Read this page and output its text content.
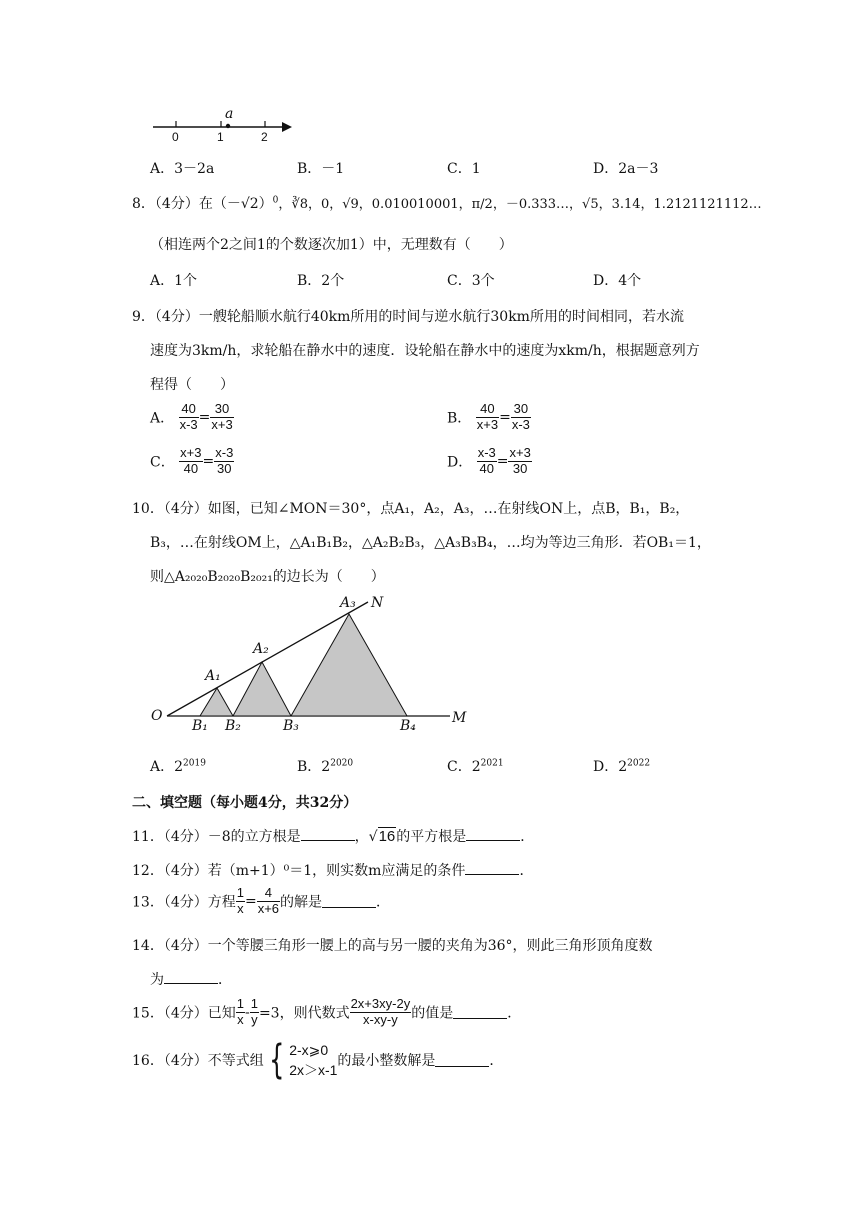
a
0	1	2
A．3－2a	B．－1	C．1	D．2a－3
8．（4分）在$(-√2)^0$，∛8，0，√9，0.010010001，π/2，－0.333…，√5，3.14，1.2121121112…
（相连两个2之间1的个数逐次加1）中，无理数有（　　）
A．1个	B．2个	C．3个	D．4个
9．（4分）一艘轮船顺水航行40km所用的时间与逆水航行30km所用的时间相同，若水流
速度为3km/h，求轮船在静水中的速度．设轮船在静水中的速度为xkm/h，根据题意列方
程得（　　）
A． $\frac{40}{x-3} = \frac{30}{x+3}$	B． $\frac{40}{x+3} = \frac{30}{x-3}$
C． $\frac{x+3}{40} = \frac{x-3}{30}$	D． $\frac{x-3}{40} = \frac{x+3}{30}$
10．（4分）如图，已知∠MON＝30°，点A₁，A₂，A₃，…在射线ON上，点B，B₁，B₂，
B₃，…在射线OM上，△A₁B₁B₂，△A₂B₂B₃，△A₃B₃B₄，…均为等边三角形．若OB₁＝1，
则△A₂₀₂₀B₂₀₂₀B₂₀₂₁的边长为（　　）
O	M
N
A₁
A₂
A₃
B₁ B₂	B₃	B₄
A．$2^{2019}$	B．$2^{2020}$	C．$2^{2021}$	D．$2^{2022}$
二、填空题（每小题4分，共32分）
11．（4分）－8的立方根是	，√16的平方根是	．
12．（4分）若（m+1）⁰＝1，则实数m应满足的条件	．
13．（4分）方程 $\frac{1}{x} = \frac{4}{x+6}$ 的解是	．
14．（4分）一个等腰三角形一腰上的高与另一腰的夹角为36°，则此三角形顶角度数
为	．
15．（4分）已知 $\frac{1}{x} - \frac{1}{y} =3$，则代数式 $\frac{2x+3xy-2y}{x-xy-y}$ 的值是	．
16．（4分）不等式组 { 2-x⩾0
2x＞x-1
的最小整数解是	．
